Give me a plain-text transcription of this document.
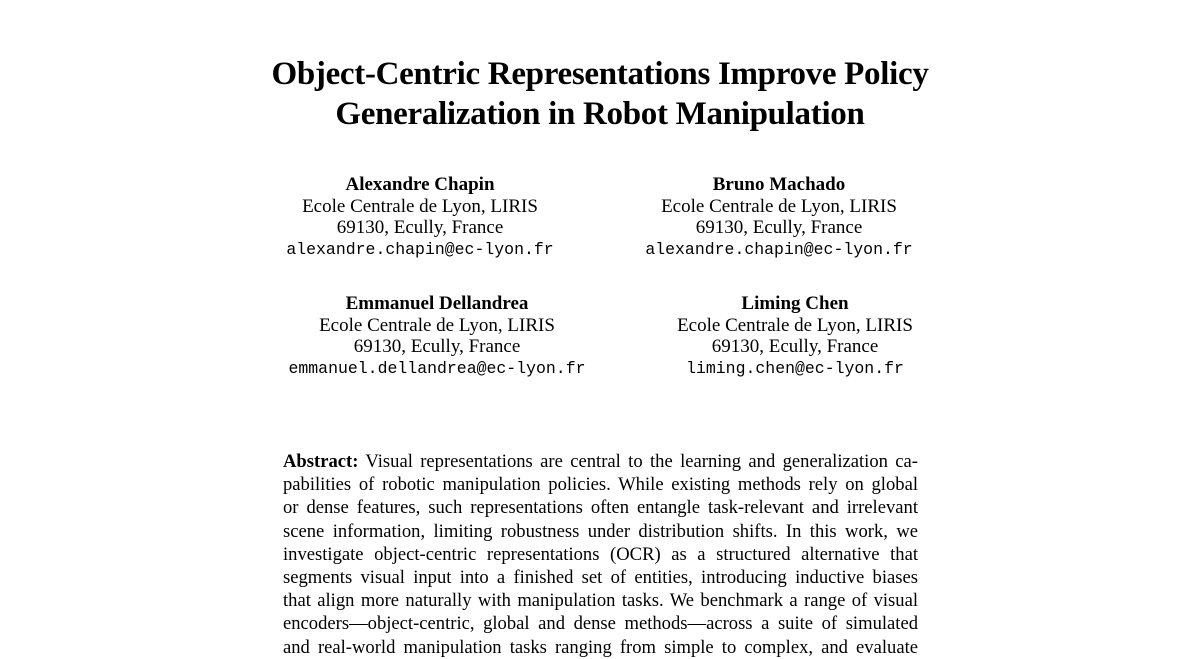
Object-Centric Representations Improve Policy
Generalization in Robot Manipulation
Alexandre Chapin
Ecole Centrale de Lyon, LIRIS
69130, Ecully, France
alexandre.chapin@ec-lyon.fr
Bruno Machado
Ecole Centrale de Lyon, LIRIS
69130, Ecully, France
alexandre.chapin@ec-lyon.fr
Emmanuel Dellandrea
Ecole Centrale de Lyon, LIRIS
69130, Ecully, France
emmanuel.dellandrea@ec-lyon.fr
Liming Chen
Ecole Centrale de Lyon, LIRIS
69130, Ecully, France
liming.chen@ec-lyon.fr
Abstract: Visual representations are central to the learning and generalization ca-
pabilities of robotic manipulation policies. While existing methods rely on global
or dense features, such representations often entangle task-relevant and irrelevant
scene information, limiting robustness under distribution shifts. In this work, we
investigate object-centric representations (OCR) as a structured alternative that
segments visual input into a finished set of entities, introducing inductive biases
that align more naturally with manipulation tasks. We benchmark a range of visual
encoders—object-centric, global and dense methods—across a suite of simulated
and real-world manipulation tasks ranging from simple to complex, and evaluate
